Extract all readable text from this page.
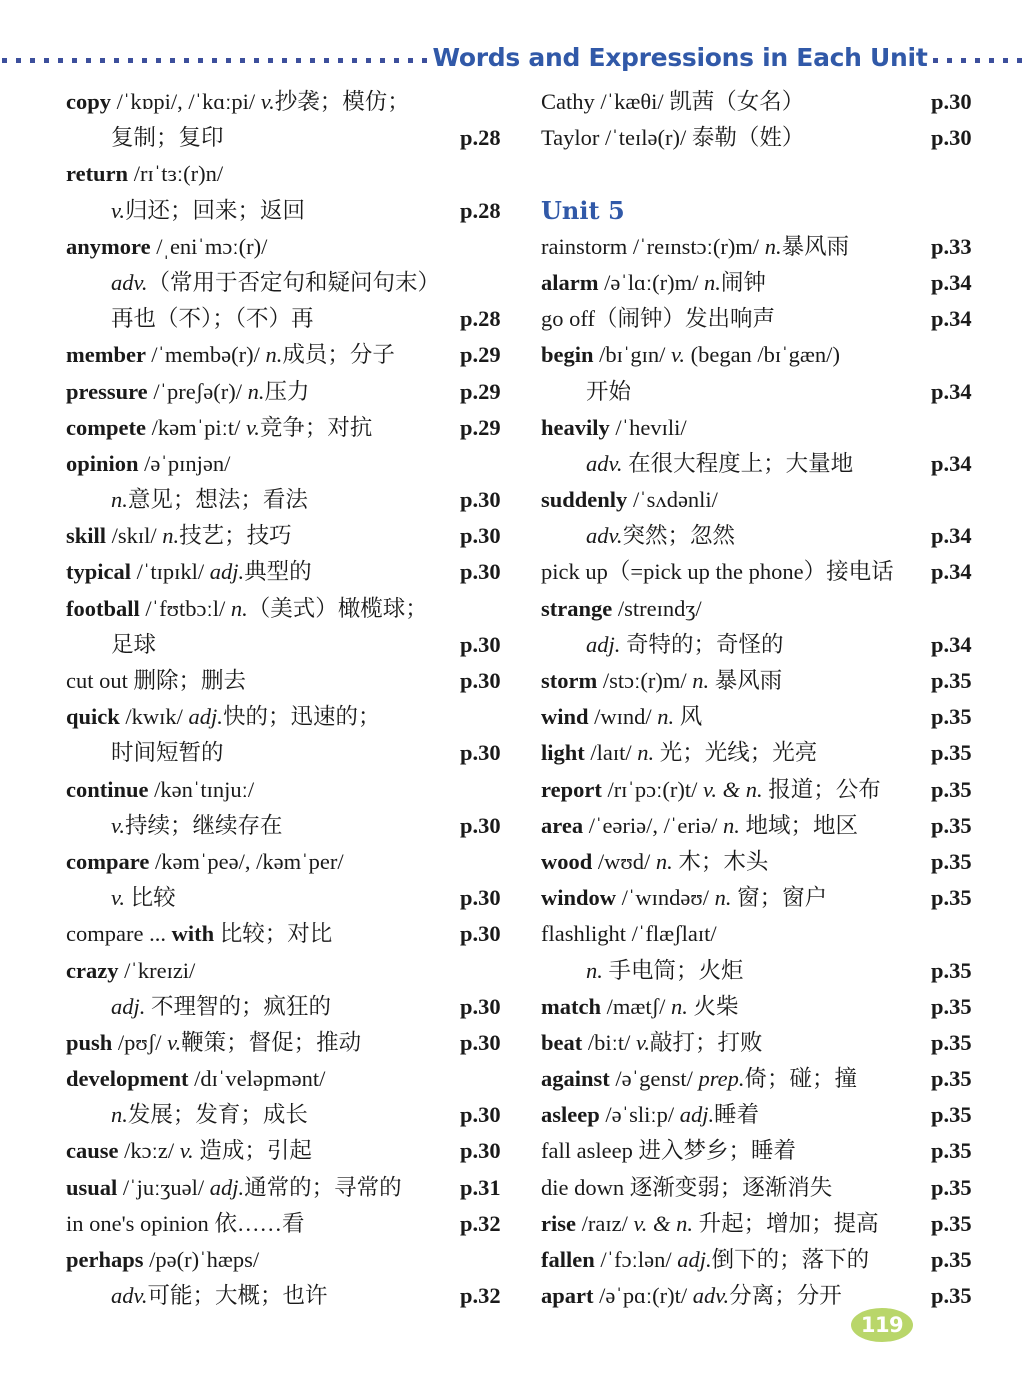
Words and Expressions in Each Unit
copy /ˈkɒpi/, /ˈkɑːpi/ v.抄袭；模仿；
复制；复印	p.28
return /rɪˈtɜː(r)n/
v.归还；回来；返回	p.28
anymore /ˌeniˈmɔː(r)/
adv.（常用于否定句和疑问句末）
再也（不）；（不）再	p.28
member /ˈmembə(r)/ n.成员；分子	p.29
pressure /ˈpreʃə(r)/ n.压力	p.29
compete /kəmˈpiːt/ v.竞争；对抗	p.29
opinion /əˈpɪnjən/
n.意见；想法；看法	p.30
skill /skɪl/ n.技艺；技巧	p.30
typical /ˈtɪpɪkl/ adj.典型的	p.30
football /ˈfʊtbɔːl/ n.（美式）橄榄球；
足球	p.30
cut out 删除；删去	p.30
quick /kwɪk/ adj.快的；迅速的；
时间短暂的	p.30
continue /kənˈtɪnjuː/
v.持续；继续存在	p.30
compare /kəmˈpeə/, /kəmˈper/
v. 比较	p.30
compare ... with 比较；对比	p.30
crazy /ˈkreɪzi/
adj. 不理智的；疯狂的	p.30
push /pʊʃ/ v.鞭策；督促；推动	p.30
development /dɪˈveləpmənt/
n.发展；发育；成长	p.30
cause /kɔːz/ v. 造成；引起	p.30
usual /ˈjuːʒuəl/ adj.通常的；寻常的	p.31
in one's opinion 依……看	p.32
perhaps /pə(r)ˈhæps/
adv.可能；大概；也许	p.32
Cathy /ˈkæθi/ 凯茜（女名）	p.30
Taylor /ˈteɪlə(r)/ 泰勒（姓）	p.30
Unit 5
rainstorm /ˈreɪnstɔː(r)m/ n.暴风雨	p.33
alarm /əˈlɑː(r)m/ n.闹钟	p.34
go off（闹钟）发出响声	p.34
begin /bɪˈgɪn/ v. (began /bɪˈgæn/)
开始	p.34
heavily /ˈhevɪli/
adv. 在很大程度上；大量地	p.34
suddenly /ˈsʌdənli/
adv.突然；忽然	p.34
pick up（=pick up the phone）接电话 p.34
strange /streɪndʒ/
adj. 奇特的；奇怪的	p.34
storm /stɔː(r)m/ n. 暴风雨	p.35
wind /wɪnd/ n. 风	p.35
light /laɪt/ n. 光；光线；光亮	p.35
report /rɪˈpɔː(r)t/ v. & n. 报道；公布 p.35
area /ˈeəriə/, /ˈeriə/ n. 地域；地区	p.35
wood /wʊd/ n. 木；木头	p.35
window /ˈwɪndəʊ/ n. 窗；窗户	p.35
flashlight /ˈflæʃlaɪt/
n. 手电筒；火炬	p.35
match /mætʃ/ n. 火柴	p.35
beat /biːt/ v.敲打；打败	p.35
against /əˈgenst/ prep.倚；碰；撞	p.35
asleep /əˈsliːp/ adj.睡着	p.35
fall asleep 进入梦乡；睡着	p.35
die down 逐渐变弱；逐渐消失	p.35
rise /raɪz/ v. & n. 升起；增加；提高 p.35
fallen /ˈfɔːlən/ adj.倒下的；落下的	p.35
apart /əˈpɑː(r)t/ adv.分离；分开	p.35
119
